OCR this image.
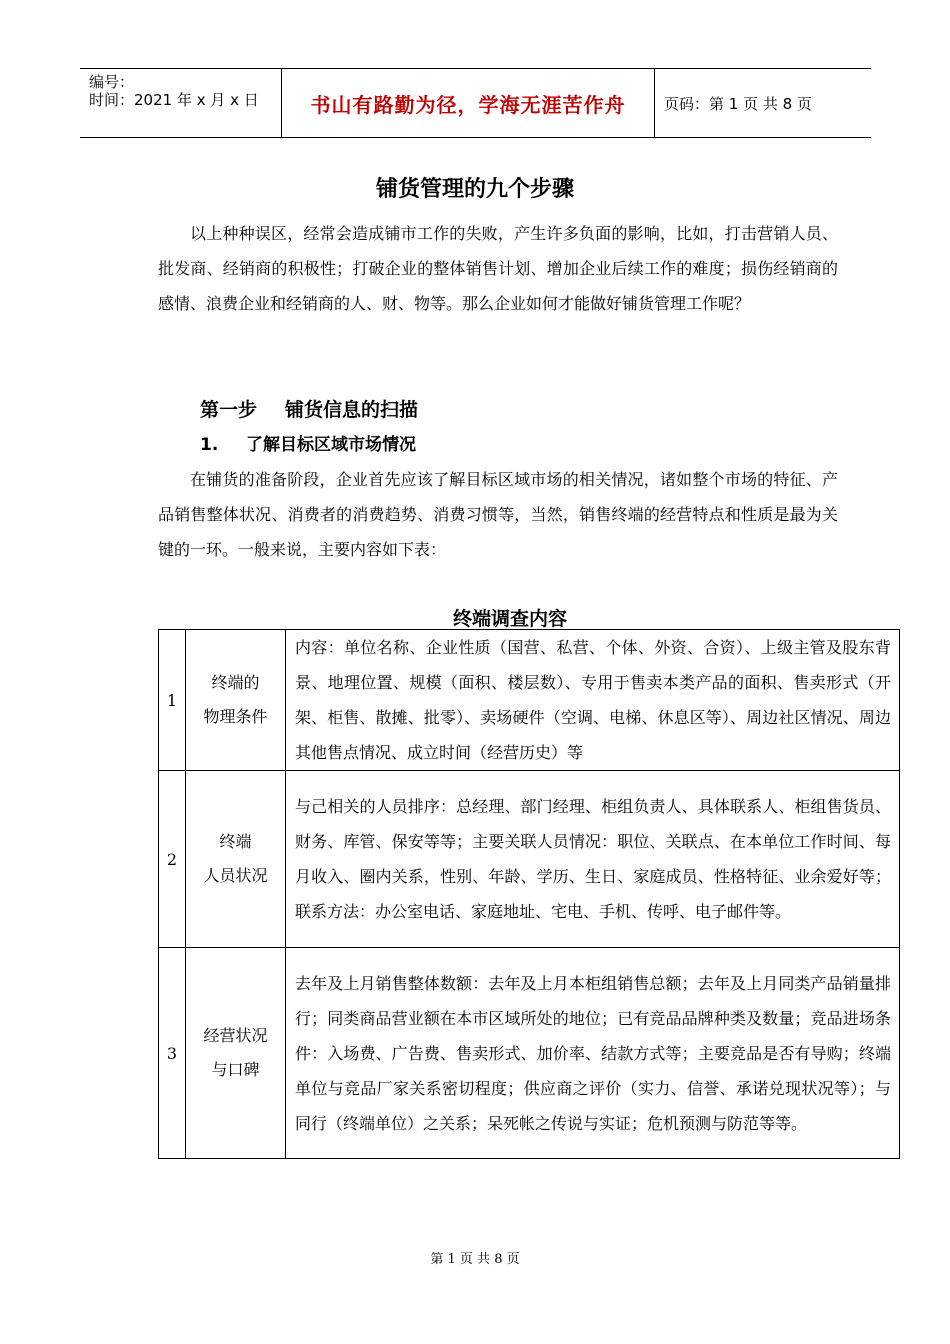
编号：
时间：2021 年 x 月 x 日	书山有路勤为径，学海无涯苦作舟	页码：第 1 页 共 8 页
铺货管理的九个步骤

以上种种误区，经常会造成铺市工作的失败，产生许多负面的影响，比如，打击营销人员、批发商、经销商的积极性；打破企业的整体销售计划、增加企业后续工作的难度；损伤经销商的感情、浪费企业和经销商的人、财、物等。那么企业如何才能做好铺货管理工作呢？

第一步 铺货信息的扫描
1. 了解目标区域市场情况

在铺货的准备阶段，企业首先应该了解目标区域市场的相关情况，诸如整个市场的特征、产品销售整体状况、消费者的消费趋势、消费习惯等，当然，销售终端的经营特点和性质是最为关键的一环。一般来说，主要内容如下表：

终端调查内容
1	终端的
物理条件	内容：单位名称、企业性质（国营、私营、个体、外资、合资）、上级主管及股东背景、地理位置、规模（面积、楼层数）、专用于售卖本类产品的面积、售卖形式（开架、柜售、散摊、批零）、卖场硬件（空调、电梯、休息区等）、周边社区情况、周边其他售点情况、成立时间（经营历史）等
2	终端
人员状况	与己相关的人员排序：总经理、部门经理、柜组负责人、具体联系人、柜组售货员、财务、库管、保安等等；主要关联人员情况：职位、关联点、在本单位工作时间、每月收入、圈内关系，性别、年龄、学历、生日、家庭成员、性格特征、业余爱好等；联系方法：办公室电话、家庭地址、宅电、手机、传呼、电子邮件等。
3	经营状况
与口碑	去年及上月销售整体数额：去年及上月本柜组销售总额；去年及上月同类产品销量排行；同类商品营业额在本市区域所处的地位；已有竞品品牌种类及数量；竞品进场条件：入场费、广告费、售卖形式、加价率、结款方式等；主要竞品是否有导购；终端单位与竞品厂家关系密切程度；供应商之评价（实力、信誉、承诺兑现状况等）；与同行（终端单位）之关系；呆死帐之传说与实证；危机预测与防范等等。
第 1 页 共 8 页
